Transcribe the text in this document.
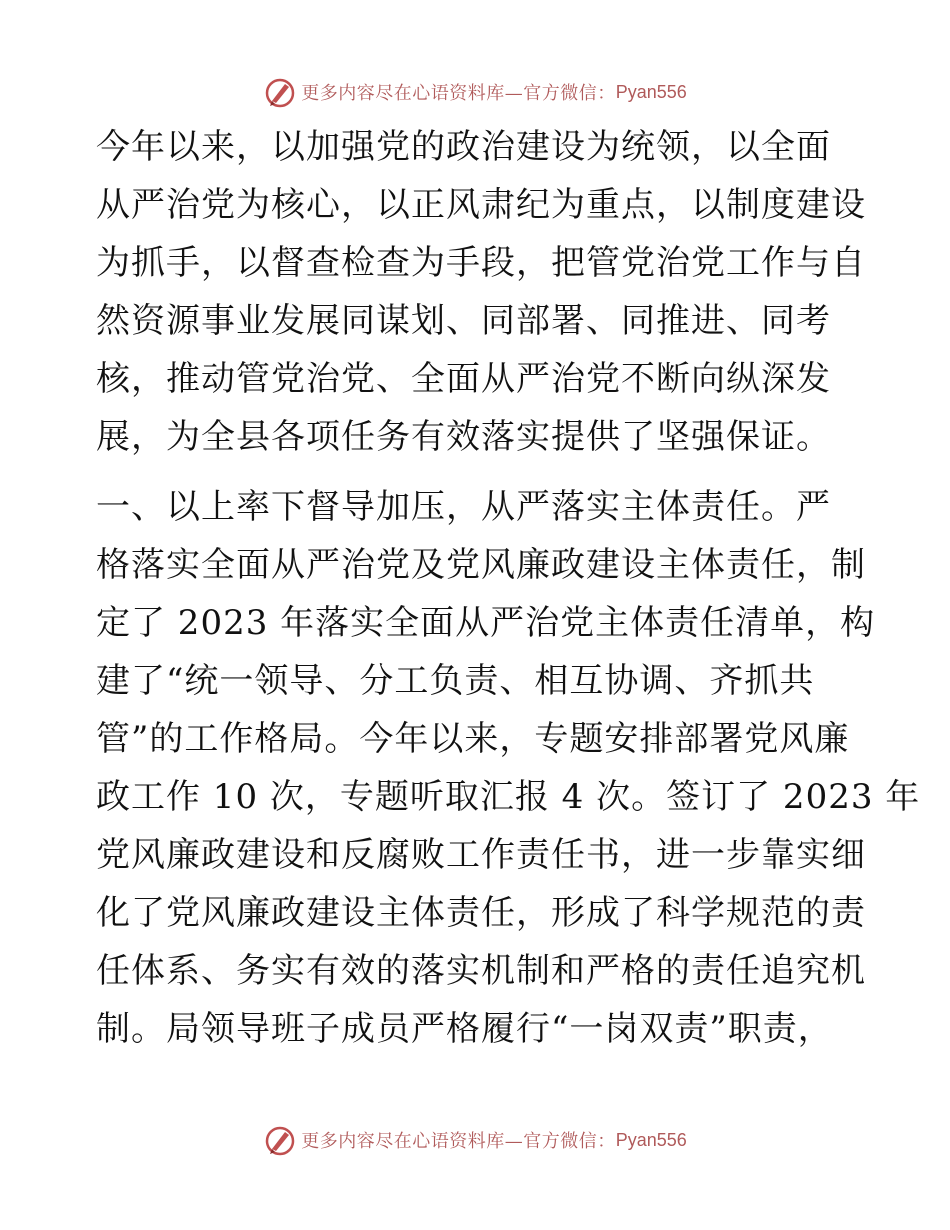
更多内容尽在心语资料库—官方微信： Pyan556
今年以来，以加强党的政治建设为统领，以全面
从严治党为核心，以正风肃纪为重点，以制度建设
为抓手，以督查检查为手段，把管党治党工作与自
然资源事业发展同谋划、同部署、同推进、同考
核，推动管党治党、全面从严治党不断向纵深发
展，为全县各项任务有效落实提供了坚强保证。
一、以上率下督导加压，从严落实主体责任。严
格落实全面从严治党及党风廉政建设主体责任，制
定了 2023 年落实全面从严治党主体责任清单，构
建了“统一领导、分工负责、相互协调、齐抓共
管”的工作格局。今年以来，专题安排部署党风廉
政工作 10 次，专题听取汇报 4 次。签订了 2023 年
党风廉政建设和反腐败工作责任书，进一步靠实细
化了党风廉政建设主体责任，形成了科学规范的责
任体系、务实有效的落实机制和严格的责任追究机
制。局领导班子成员严格履行“一岗双责”职责，
更多内容尽在心语资料库—官方微信： Pyan556
